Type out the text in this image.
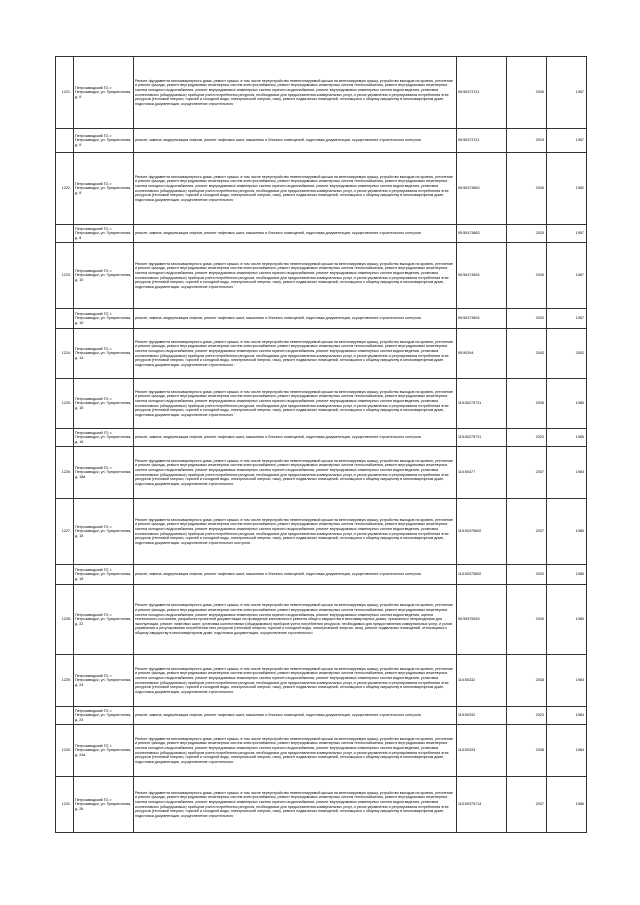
1221.	Петрозаводский ГО, г. Петрозаводск, ул. Гуляринтолая, д. 6	Ремонт фундамента многоквартирного дома, ремонт крыши, в том числе переустройство невентилируемой крыши на вентилируемую крышу, устройство выходов на кровлю, утепление и ремонт фасада, ремонт внутридомовых инженерных систем электроснабжения, ремонт внутридомовых инженерных систем теплоснабжения, ремонт внутридомовых инженерных систем холодного водоснабжения, ремонт внутридомовых инженерных систем горячего водоснабжения, ремонт внутридомовых инженерных систем водоотведения, установка коллективных (общедомовых) приборов учета потребления ресурсов, необходимых для предоставления коммунальных услуг, и узлов управления и регулирования потребления этих ресурсов (тепловой энергии, горячей и холодной воды, электрической энергии, газа), ремонт подвальных помещений, относящихся к общему имуществу в многоквартирном доме, подготовка документации, осуществление строительного	95:50473741	2040	1967
	Петрозаводский ГО, г. Петрозаводск, ул. Гуляринтолая, д. 6	ремонт, замена, модернизация лифтов, ремонт лифтовых шахт, машинных и блочных помещений, подготовка документации, осуществление строительного контроля	95:50473741	2019	1967
1222.	Петрозаводский ГО, г. Петрозаводск, ул. Гуляринтолая, д. 8	Ремонт фундамента многоквартирного дома, ремонт крыши, в том числе переустройство невентилируемой крыши на вентилируемую крышу, устройство выходов на кровлю, утепление и ремонт фасада, ремонт внутридомовых инженерных систем электроснабжения, ремонт внутридомовых инженерных систем теплоснабжения, ремонт внутридомовых инженерных систем холодного водоснабжения, ремонт внутридомовых инженерных систем горячего водоснабжения, ремонт внутридомовых инженерных систем водоотведения, установка коллективных (общедомовых) приборов учета потребления ресурсов, необходимых для предоставления коммунальных услуг, и узлов управления и регулирования потребления этих ресурсов (тепловой энергии, горячей и холодной воды, электрической энергии, газа), ремонт подвальных помещений, относящихся к общему имуществу в многоквартирном доме, подготовка документации, осуществление строительного	95:50473663	2040	1982
	Петрозаводский ГО, г. Петрозаводск, ул. Гуляринтолая, д. 8	ремонт, замена, модернизация лифтов, ремонт лифтовых шахт, машинных и блочных помещений, подготовка документации, осуществление строительного контроля	95:50473663	2020	1957
1223.	Петрозаводский ГО, г. Петрозаводск, ул. Гуляринтолая, д. 10	Ремонт фундамента многоквартирного дома, ремонт крыши, в том числе переустройство невентилируемой крыши на вентилируемую крышу, устройство выходов на кровлю, утепление и ремонт фасада, ремонт внутридомовых инженерных систем электроснабжения, ремонт внутридомовых инженерных систем теплоснабжения, ремонт внутридомовых инженерных систем холодного водоснабжения, ремонт внутридомовых инженерных систем горячего водоснабжения, ремонт внутридомовых инженерных систем водоотведения, установка коллективных (общедомовых) приборов учета потребления ресурсов, необходимых для предоставления коммунальных услуг, и узлов управления и регулирования потребления этих ресурсов (тепловой энергии, горячей и холодной воды, электрической энергии, газа), ремонт подвальных помещений, относящихся к общему имуществу в многоквартирном доме, подготовка документации, осуществление строительного	95:50473694	2040	1967
	Петрозаводский ГО, г. Петрозаводск, ул. Гуляринтолая, д. 10	ремонт, замена, модернизация лифтов, ремонт лифтовых шахт, машинных и блочных помещений, подготовка документации, осуществление строительного контроля	95:50473694	2020	1967
1224.	Петрозаводский ГО, г. Петрозаводск, ул. Гуляринтолая, д. 14	Ремонт фундамента многоквартирного дома, ремонт крыши, в том числе переустройство невентилируемой крыши на вентилируемую крышу, устройство выходов на кровлю, утепление и ремонт фасада, ремонт внутридомовых инженерных систем электроснабжения, ремонт внутридомовых инженерных систем теплоснабжения, ремонт внутридомовых инженерных систем холодного водоснабжения, ремонт внутридомовых инженерных систем горячего водоснабжения, ремонт внутридомовых инженерных систем водоотведения, установка коллективных (общедомовых) приборов учета потребления ресурсов, необходимых для предоставления коммунальных услуг, и узлов управления и регулирования потребления этих ресурсов (тепловой энергии, горячей и холодной воды, электрической энергии, газа), ремонт подвальных помещений, относящихся к общему имуществу в многоквартирном доме, подготовка документации, осуществление строительного	95:50294	2043	2002
1225.	Петрозаводский ГО, г. Петрозаводск, ул. Гуляринтолая, д. 16	Ремонт фундамента многоквартирного дома, ремонт крыши, в том числе переустройство невентилируемой крыши на вентилируемую крышу, устройство выходов на кровлю, утепление и ремонт фасада, ремонт внутридомовых инженерных систем электроснабжения, ремонт внутридомовых инженерных систем теплоснабжения, ремонт внутридомовых инженерных систем холодного водоснабжения, ремонт внутридомовых инженерных систем горячего водоснабжения, ремонт внутридомовых инженерных систем водоотведения, установка коллективных (общедомовых) приборов учета потребления ресурсов, необходимых для предоставления коммунальных услуг, и узлов управления и регулирования потребления этих ресурсов (тепловой энергии, горячей и холодной воды, электрической энергии, газа), ремонт подвальных помещений, относящихся к общему имуществу в многоквартирном доме, подготовка документации, осуществление строительного	115:50275731	2036	1985
	Петрозаводский ГО, г. Петрозаводск, ул. Гуляринтолая, д. 16	ремонт, замена, модернизация лифтов, ремонт лифтовых шахт, машинных и блочных помещений, подготовка документации, осуществление строительного контроля	115:50275731	2023	1985
1226.	Петрозаводский ГО, г. Петрозаводск, ул. Гуляринтолая, д. 18а	Ремонт фундамента многоквартирного дома, ремонт крыши, в том числе переустройство невентилируемой крыши на вентилируемую крышу, устройство выходов на кровлю, утепление и ремонт фасада, ремонт внутридомовых инженерных систем электроснабжения, ремонт внутридомовых инженерных систем теплоснабжения, ремонт внутридомовых инженерных систем холодного водоснабжения, ремонт внутридомовых инженерных систем горячего водоснабжения, ремонт внутридомовых инженерных систем водоотведения, установка коллективных (общедомовых) приборов учета потребления ресурсов, необходимых для предоставления коммунальных услуг, и узлов управления и регулирования потребления этих ресурсов (тепловой энергии, горячей и холодной воды, электрической энергии, газа), ремонт подвальных помещений, относящихся к общему имуществу в многоквартирном доме, подготовка документации, осуществление строительного	115:50477	2037	1984
1227.	Петрозаводский ГО, г. Петрозаводск, ул. Гуляринтолая, д. 18	Ремонт фундамента многоквартирного дома, ремонт крыши, в том числе переустройство невентилируемой крыши на вентилируемую крышу, устройство выходов на кровлю, утепление и ремонт фасада, ремонт внутридомовых инженерных систем электроснабжения, ремонт внутридомовых инженерных систем теплоснабжения, ремонт внутридомовых инженерных систем холодного водоснабжения, ремонт внутридомовых инженерных систем горячего водоснабжения, ремонт внутридомовых инженерных систем водоотведения, установка коллективных (общедомовых) приборов учета потребления ресурсов, необходимых для предоставления коммунальных услуг, и узлов управления и регулирования потребления этих ресурсов (тепловой энергии, горячей и холодной воды, электрической энергии, газа), ремонт подвальных помещений, относящихся к общему имуществу в многоквартирном доме, подготовка документации, осуществление строительного контроля	115:50375692	2037	1985
	Петрозаводский ГО, г. Петрозаводск, ул. Гуляринтолая, д. 18	ремонт, замена, модернизация лифтов, ремонт лифтовых шахт, машинных и блочных помещений, подготовка документации, осуществление строительного контроля	115:50375692	2020	1985
1228.	Петрозаводский ГО, г. Петрозаводск, ул. Гуляринтолая, д. 22	Ремонт фундамента многоквартирного дома, ремонт крыши, в том числе переустройство невентилируемой крыши на вентилируемую крышу, устройство выходов на кровлю, утепление и ремонт фасада, ремонт внутридомовых инженерных систем электроснабжения, ремонт внутридомовых инженерных систем теплоснабжения, ремонт внутридомовых инженерных систем холодного водоснабжения, ремонт внутридомовых инженерных систем горячего водоснабжения, ремонт внутридомовых инженерных систем водоотведения, оценка технического состояния, разработка проектной документации на проведение капитального ремонта общего имущества в многоквартирных домах, признанных непригодными для эксплуатации, ремонт лифтовых шахт, установка коллективных (общедомовых) приборов учета потребления ресурсов, необходимых для предоставления коммунальных услуг, и узлов управления и регулирования потребления этих ресурсов (тепловой энергии, горячей и холодной воды, электрической энергии, газа), ремонт подвальных помещений, относящихся к общему имуществу в многоквартирном доме, подготовка документации, осуществление строительного	95:50575539	2040	1985
1229.	Петрозаводский ГО, г. Петрозаводск, ул. Гуляринтолая, д. 24	Ремонт фундамента многоквартирного дома, ремонт крыши, в том числе переустройство невентилируемой крыши на вентилируемую крышу, устройство выходов на кровлю, утепление и ремонт фасада, ремонт внутридомовых инженерных систем электроснабжения, ремонт внутридомовых инженерных систем теплоснабжения, ремонт внутридомовых инженерных систем холодного водоснабжения, ремонт внутридомовых инженерных систем горячего водоснабжения, ремонт внутридомовых инженерных систем водоотведения, установка коллективных (общедомовых) приборов учета потребления ресурсов, необходимых для предоставления коммунальных услуг, и узлов управления и регулирования потребления этих ресурсов (тепловой энергии, горячей и холодной воды, электрической энергии, газа), ремонт подвальных помещений, относящихся к общему имуществу в многоквартирном доме, подготовка документации, осуществление строительного	115:50332	2038	1984
	Петрозаводский ГО, г. Петрозаводск, ул. Гуляринтолая, д. 24	ремонт, замена, модернизация лифтов, ремонт лифтовых шахт, машинных и блочных помещений, подготовка документации, осуществление строительного контроля	115:50332	2023	1984
1230.	Петрозаводский ГО, г. Петрозаводск, ул. Гуляринтолая, д. 24а	Ремонт фундамента многоквартирного дома, ремонт крыши, в том числе переустройство невентилируемой крыши на вентилируемую крышу, устройство выходов на кровлю, утепление и ремонт фасада, ремонт внутридомовых инженерных систем электроснабжения, ремонт внутридомовых инженерных систем теплоснабжения, ремонт внутридомовых инженерных систем холодного водоснабжения, ремонт внутридомовых инженерных систем горячего водоснабжения, ремонт внутридомовых инженерных систем водоотведения, установка коллективных (общедомовых) приборов учета потребления ресурсов, необходимых для предоставления коммунальных услуг, и узлов управления и регулирования потребления этих ресурсов (тепловой энергии, горячей и холодной воды, электрической энергии, газа), ремонт подвальных помещений, относящихся к общему имуществу в многоквартирном доме, подготовка документации, осуществление строительного	115:50333	2038	1984
1231.	Петрозаводский ГО, г. Петрозаводск, ул. Гуляринтолая, д. 26	Ремонт фундамента многоквартирного дома, ремонт крыши, в том числе переустройство невентилируемой крыши на вентилируемую крышу, устройство выходов на кровлю, утепление и ремонт фасада, ремонт внутридомовых инженерных систем электроснабжения, ремонт внутридомовых инженерных систем теплоснабжения, ремонт внутридомовых инженерных систем холодного водоснабжения, ремонт внутридомовых инженерных систем горячего водоснабжения, ремонт внутридомовых инженерных систем водоотведения, установка коллективных (общедомовых) приборов учета потребления ресурсов, необходимых для предоставления коммунальных услуг, и узлов управления и регулирования потребления этих ресурсов (тепловой энергии, горячей и холодной воды, электрической энергии, газа), ремонт подвальных помещений, относящихся к общему имуществу в многоквартирном доме, подготовка документации, осуществление строительного	115:50375714	2037	1985
